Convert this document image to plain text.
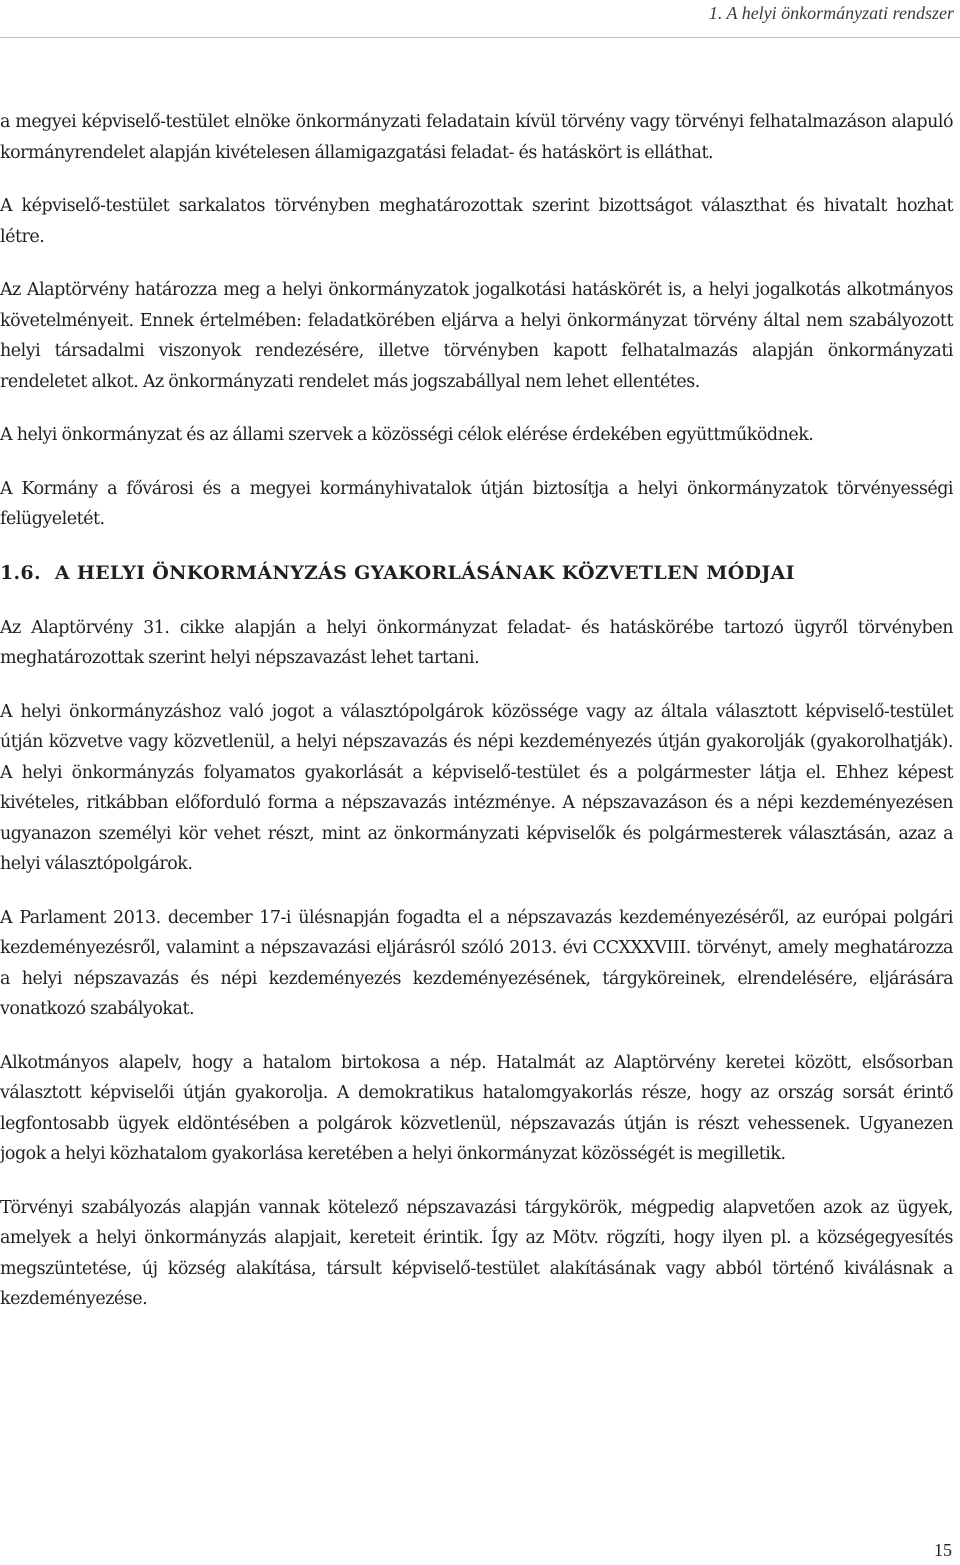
1. A helyi önkormányzati rendszer

a megyei képviselő-testület elnöke önkormányzati feladatain kívül törvény vagy törvényi felhatalmazáson alapuló kormányrendelet alapján kivételesen államigazgatási feladat- és hatáskört is elláthat.

A képviselő-testület sarkalatos törvényben meghatározottak szerint bizottságot választhat és hivatalt hozhat létre.

Az Alaptörvény határozza meg a helyi önkormányzatok jogalkotási hatáskörét is, a helyi jogalkotás alkotmányos követelményeit. Ennek értelmében: feladatkörében eljárva a helyi önkormányzat törvény által nem szabályozott helyi társadalmi viszonyok rendezésére, illetve törvényben kapott felhatalmazás alapján önkormányzati rendeletet alkot. Az önkormányzati rendelet más jogszabállyal nem lehet ellentétes.

A helyi önkormányzat és az állami szervek a közösségi célok elérése érdekében együttműködnek.

A Kormány a fővárosi és a megyei kormányhivatalok útján biztosítja a helyi önkormányzatok törvényességi felügyeletét.

1.6. A HELYI ÖNKORMÁNYZÁS GYAKORLÁSÁNAK KÖZVETLEN MÓDJAI

Az Alaptörvény 31. cikke alapján a helyi önkormányzat feladat- és hatáskörébe tartozó ügyről törvényben meghatározottak szerint helyi népszavazást lehet tartani.

A helyi önkormányzáshoz való jogot a választópolgárok közössége vagy az általa választott képviselő-testület útján közvetve vagy közvetlenül, a helyi népszavazás és népi kezdeményezés útján gyakorolják (gyakorolhatják). A helyi önkormányzás folyamatos gyakorlását a képviselő-testület és a polgármester látja el. Ehhez képest kivételes, ritkábban előforduló forma a népszavazás intézménye. A népszavazáson és a népi kezdeményezésen ugyanazon személyi kör vehet részt, mint az önkormányzati képviselők és polgármesterek választásán, azaz a helyi választópolgárok.

A Parlament 2013. december 17-i ülésnapján fogadta el a népszavazás kezdeményezéséről, az európai polgári kezdeményezésről, valamint a népszavazási eljárásról szóló 2013. évi CCXXXVIII. törvényt, amely meghatározza a helyi népszavazás és népi kezdeményezés kezdeményezésének, tárgyköreinek, elrendelésére, eljárására vonatkozó szabályokat.

Alkotmányos alapelv, hogy a hatalom birtokosa a nép. Hatalmát az Alaptörvény keretei között, elsősorban választott képviselői útján gyakorolja. A demokratikus hatalomgyakorlás része, hogy az ország sorsát érintő legfontosabb ügyek eldöntésében a polgárok közvetlenül, népszavazás útján is részt vehessenek. Ugyanezen jogok a helyi közhatalom gyakorlása keretében a helyi önkormányzat közösségét is megilletik.

Törvényi szabályozás alapján vannak kötelező népszavazási tárgykörök, mégpedig alapvetően azok az ügyek, amelyek a helyi önkormányzás alapjait, kereteit érintik. Így az Mötv. rögzíti, hogy ilyen pl. a községegyesítés megszüntetése, új község alakítása, társult képviselő-testület alakításának vagy abból történő kiválásnak a kezdeményezése.

15
